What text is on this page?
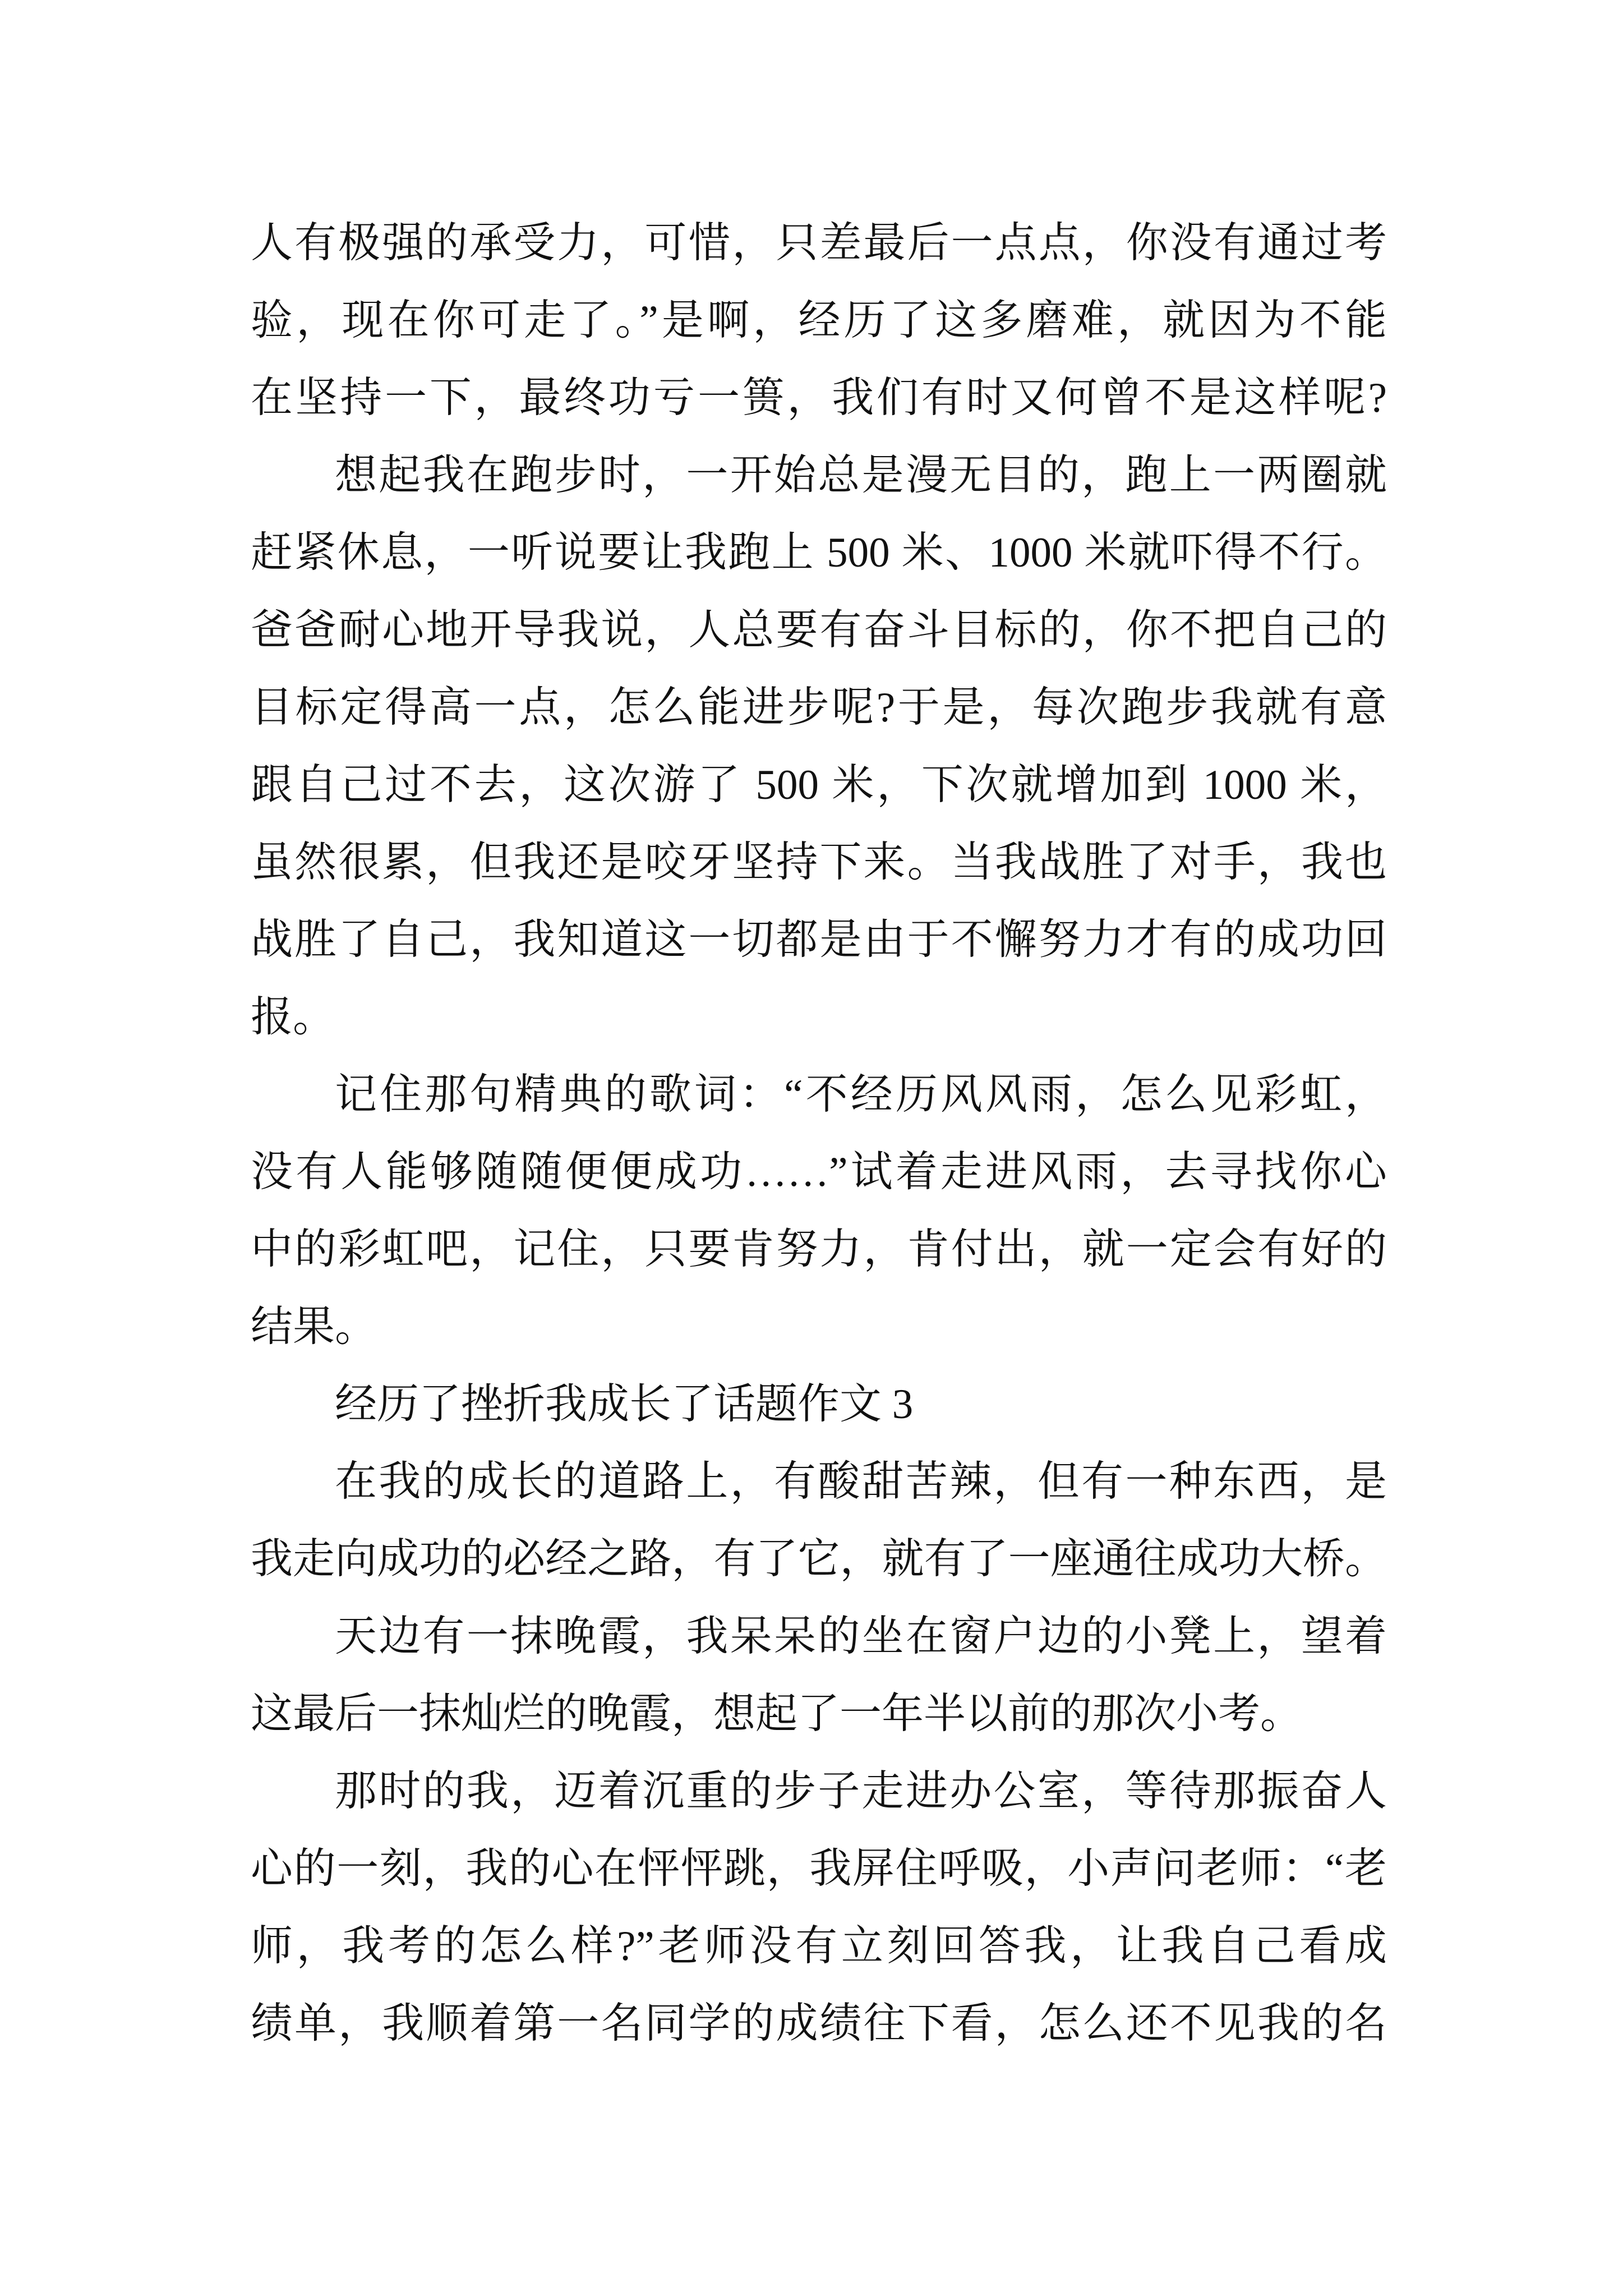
人有极强的承受力，可惜，只差最后一点点，你没有通过考
验，现在你可走了。”是啊，经历了这多磨难，就因为不能
在坚持一下，最终功亏一篑，我们有时又何曾不是这样呢?
想起我在跑步时，一开始总是漫无目的，跑上一两圈就
赶紧休息，一听说要让我跑上 500 米、1000 米就吓得不行。
爸爸耐心地开导我说，人总要有奋斗目标的，你不把自己的
目标定得高一点，怎么能进步呢?于是，每次跑步我就有意
跟自己过不去，这次游了 500 米，下次就增加到 1000 米，
虽然很累，但我还是咬牙坚持下来。当我战胜了对手，我也
战胜了自己，我知道这一切都是由于不懈努力才有的成功回
报。
记住那句精典的歌词：“不经历风风雨，怎么见彩虹，
没有人能够随随便便成功……”试着走进风雨，去寻找你心
中的彩虹吧，记住，只要肯努力，肯付出，就一定会有好的
结果。
经历了挫折我成长了话题作文 3
在我的成长的道路上，有酸甜苦辣，但有一种东西，是
我走向成功的必经之路，有了它，就有了一座通往成功大桥。
天边有一抹晚霞，我呆呆的坐在窗户边的小凳上，望着
这最后一抹灿烂的晚霞，想起了一年半以前的那次小考。
那时的我，迈着沉重的步子走进办公室，等待那振奋人
心的一刻，我的心在怦怦跳，我屏住呼吸，小声问老师：“老
师，我考的怎么样?”老师没有立刻回答我，让我自己看成
绩单，我顺着第一名同学的成绩往下看，怎么还不见我的名
